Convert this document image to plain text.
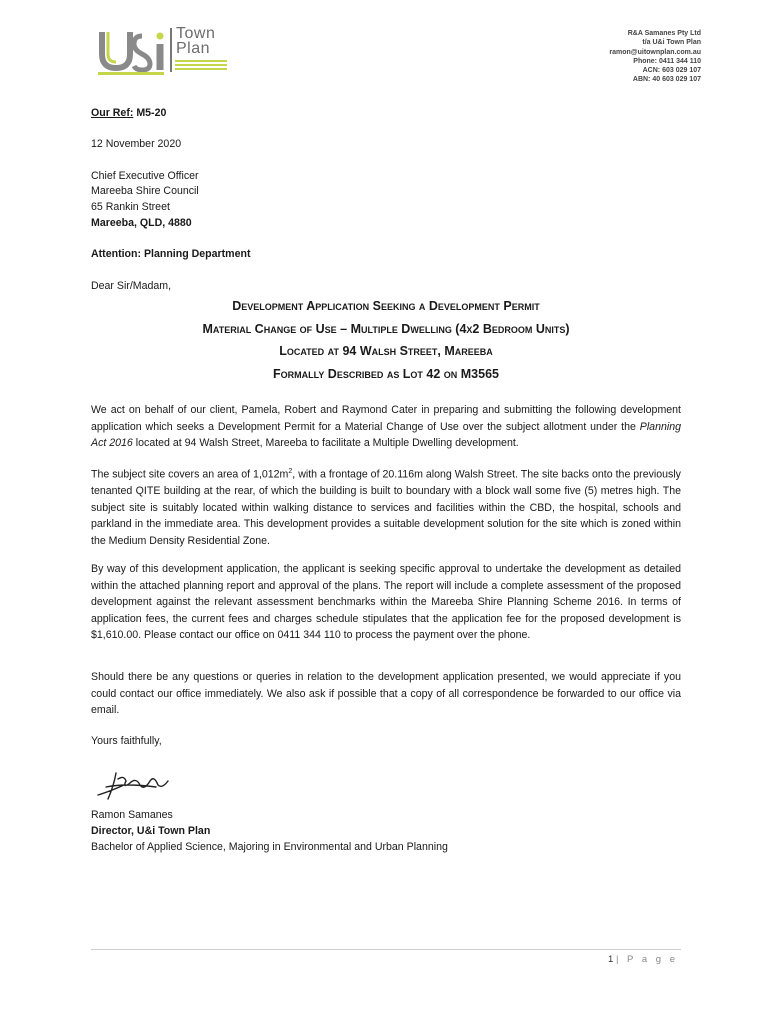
Town
Plan
R&A Samanes Pty Ltd
t/a U&i Town Plan
ramon@uitownplan.com.au
Phone: 0411 344 110
ACN: 603 029 107
ABN: 40 603 029 107
Our Ref: M5-20
12 November 2020
Chief Executive Officer
Mareeba Shire Council
65 Rankin Street
Mareeba, QLD, 4880
Attention: Planning Department
Dear Sir/Madam,
Development Application Seeking a Development Permit
Material Change of Use – Multiple Dwelling (4x2 Bedroom Units)
Located at 94 Walsh Street, Mareeba
Formally Described as Lot 42 on M3565
We act on behalf of our client, Pamela, Robert and Raymond Cater in preparing and submitting the following development application which seeks a Development Permit for a Material Change of Use over the subject allotment under the Planning Act 2016 located at 94 Walsh Street, Mareeba to facilitate a Multiple Dwelling development.
The subject site covers an area of $1,012m^2$, with a frontage of 20.116m along Walsh Street. The site backs onto the previously tenanted QITE building at the rear, of which the building is built to boundary with a block wall some five (5) metres high. The subject site is suitably located within walking distance to services and facilities within the CBD, the hospital, schools and parkland in the immediate area. This development provides a suitable development solution for the site which is zoned within the Medium Density Residential Zone.
By way of this development application, the applicant is seeking specific approval to undertake the development as detailed within the attached planning report and approval of the plans. The report will include a complete assessment of the proposed development against the relevant assessment benchmarks within the Mareeba Shire Planning Scheme 2016. In terms of application fees, the current fees and charges schedule stipulates that the application fee for the proposed development is $1,610.00. Please contact our office on 0411 344 110 to process the payment over the phone.
Should there be any questions or queries in relation to the development application presented, we would appreciate if you could contact our office immediately. We also ask if possible that a copy of all correspondence be forwarded to our office via email.
Yours faithfully,
Ramon Samanes
Director, U&i Town Plan
Bachelor of Applied Science, Majoring in Environmental and Urban Planning
1 | P a g e
